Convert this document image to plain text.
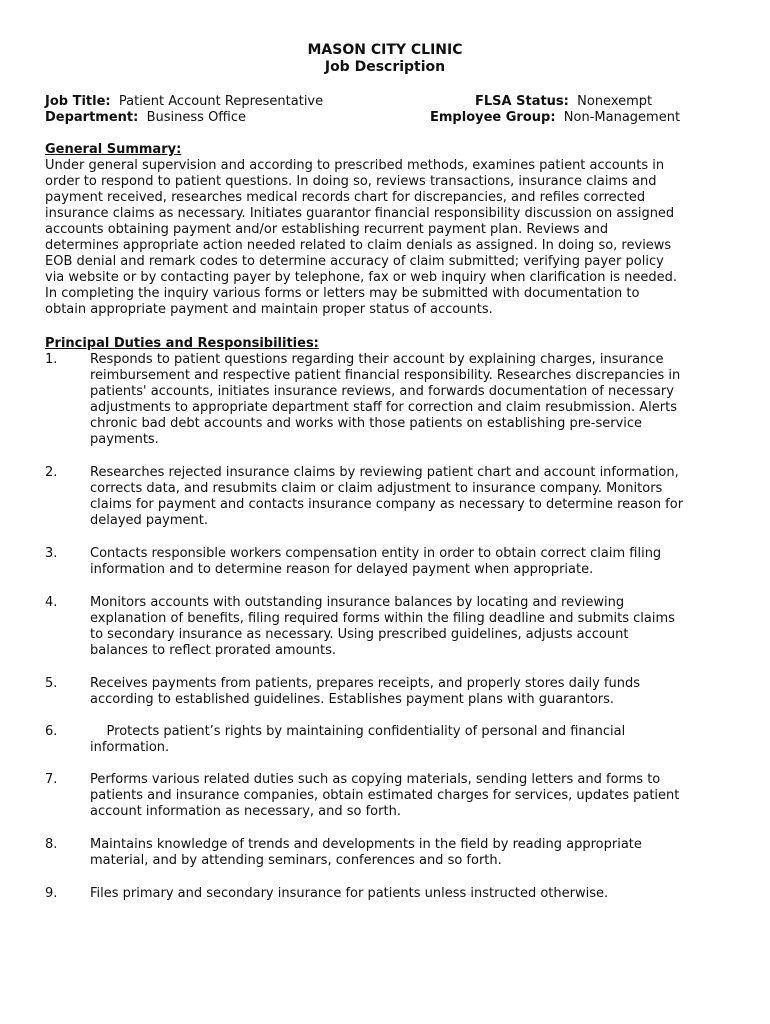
MASON CITY CLINIC
Job Description
Job Title: Patient Account Representative
Department: Business Office
FLSA Status: Nonexempt
Employee Group: Non-Management
General Summary:

Under general supervision and according to prescribed methods, examines patient accounts in

order to respond to patient questions. In doing so, reviews transactions, insurance claims and

payment received, researches medical records chart for discrepancies, and refiles corrected

insurance claims as necessary. Initiates guarantor financial responsibility discussion on assigned

accounts obtaining payment and/or establishing recurrent payment plan. Reviews and

determines appropriate action needed related to claim denials as assigned. In doing so, reviews

EOB denial and remark codes to determine accuracy of claim submitted; verifying payer policy

via website or by contacting payer by telephone, fax or web inquiry when clarification is needed.

In completing the inquiry various forms or letters may be submitted with documentation to

obtain appropriate payment and maintain proper status of accounts.

Principal Duties and Responsibilities:
1.	Responds to patient questions regarding their account by explaining charges, insurance

reimbursement and respective patient financial responsibility. Researches discrepancies in

patients' accounts, initiates insurance reviews, and forwards documentation of necessary

adjustments to appropriate department staff for correction and claim resubmission. Alerts

chronic bad debt accounts and works with those patients on establishing pre-service

payments.

2.	Researches rejected insurance claims by reviewing patient chart and account information,

corrects data, and resubmits claim or claim adjustment to insurance company. Monitors

claims for payment and contacts insurance company as necessary to determine reason for

delayed payment.

3.	Contacts responsible workers compensation entity in order to obtain correct claim filing

information and to determine reason for delayed payment when appropriate.

4.	Monitors accounts with outstanding insurance balances by locating and reviewing

explanation of benefits, filing required forms within the filing deadline and submits claims

to secondary insurance as necessary. Using prescribed guidelines, adjusts account

balances to reflect prorated amounts.

5.	Receives payments from patients, prepares receipts, and properly stores daily funds

according to established guidelines. Establishes payment plans with guarantors.

6.	Protects patient’s rights by maintaining confidentiality of personal and financial

information.

7.	Performs various related duties such as copying materials, sending letters and forms to

patients and insurance companies, obtain estimated charges for services, updates patient

account information as necessary, and so forth.

8.	Maintains knowledge of trends and developments in the field by reading appropriate

material, and by attending seminars, conferences and so forth.

9.	Files primary and secondary insurance for patients unless instructed otherwise.
